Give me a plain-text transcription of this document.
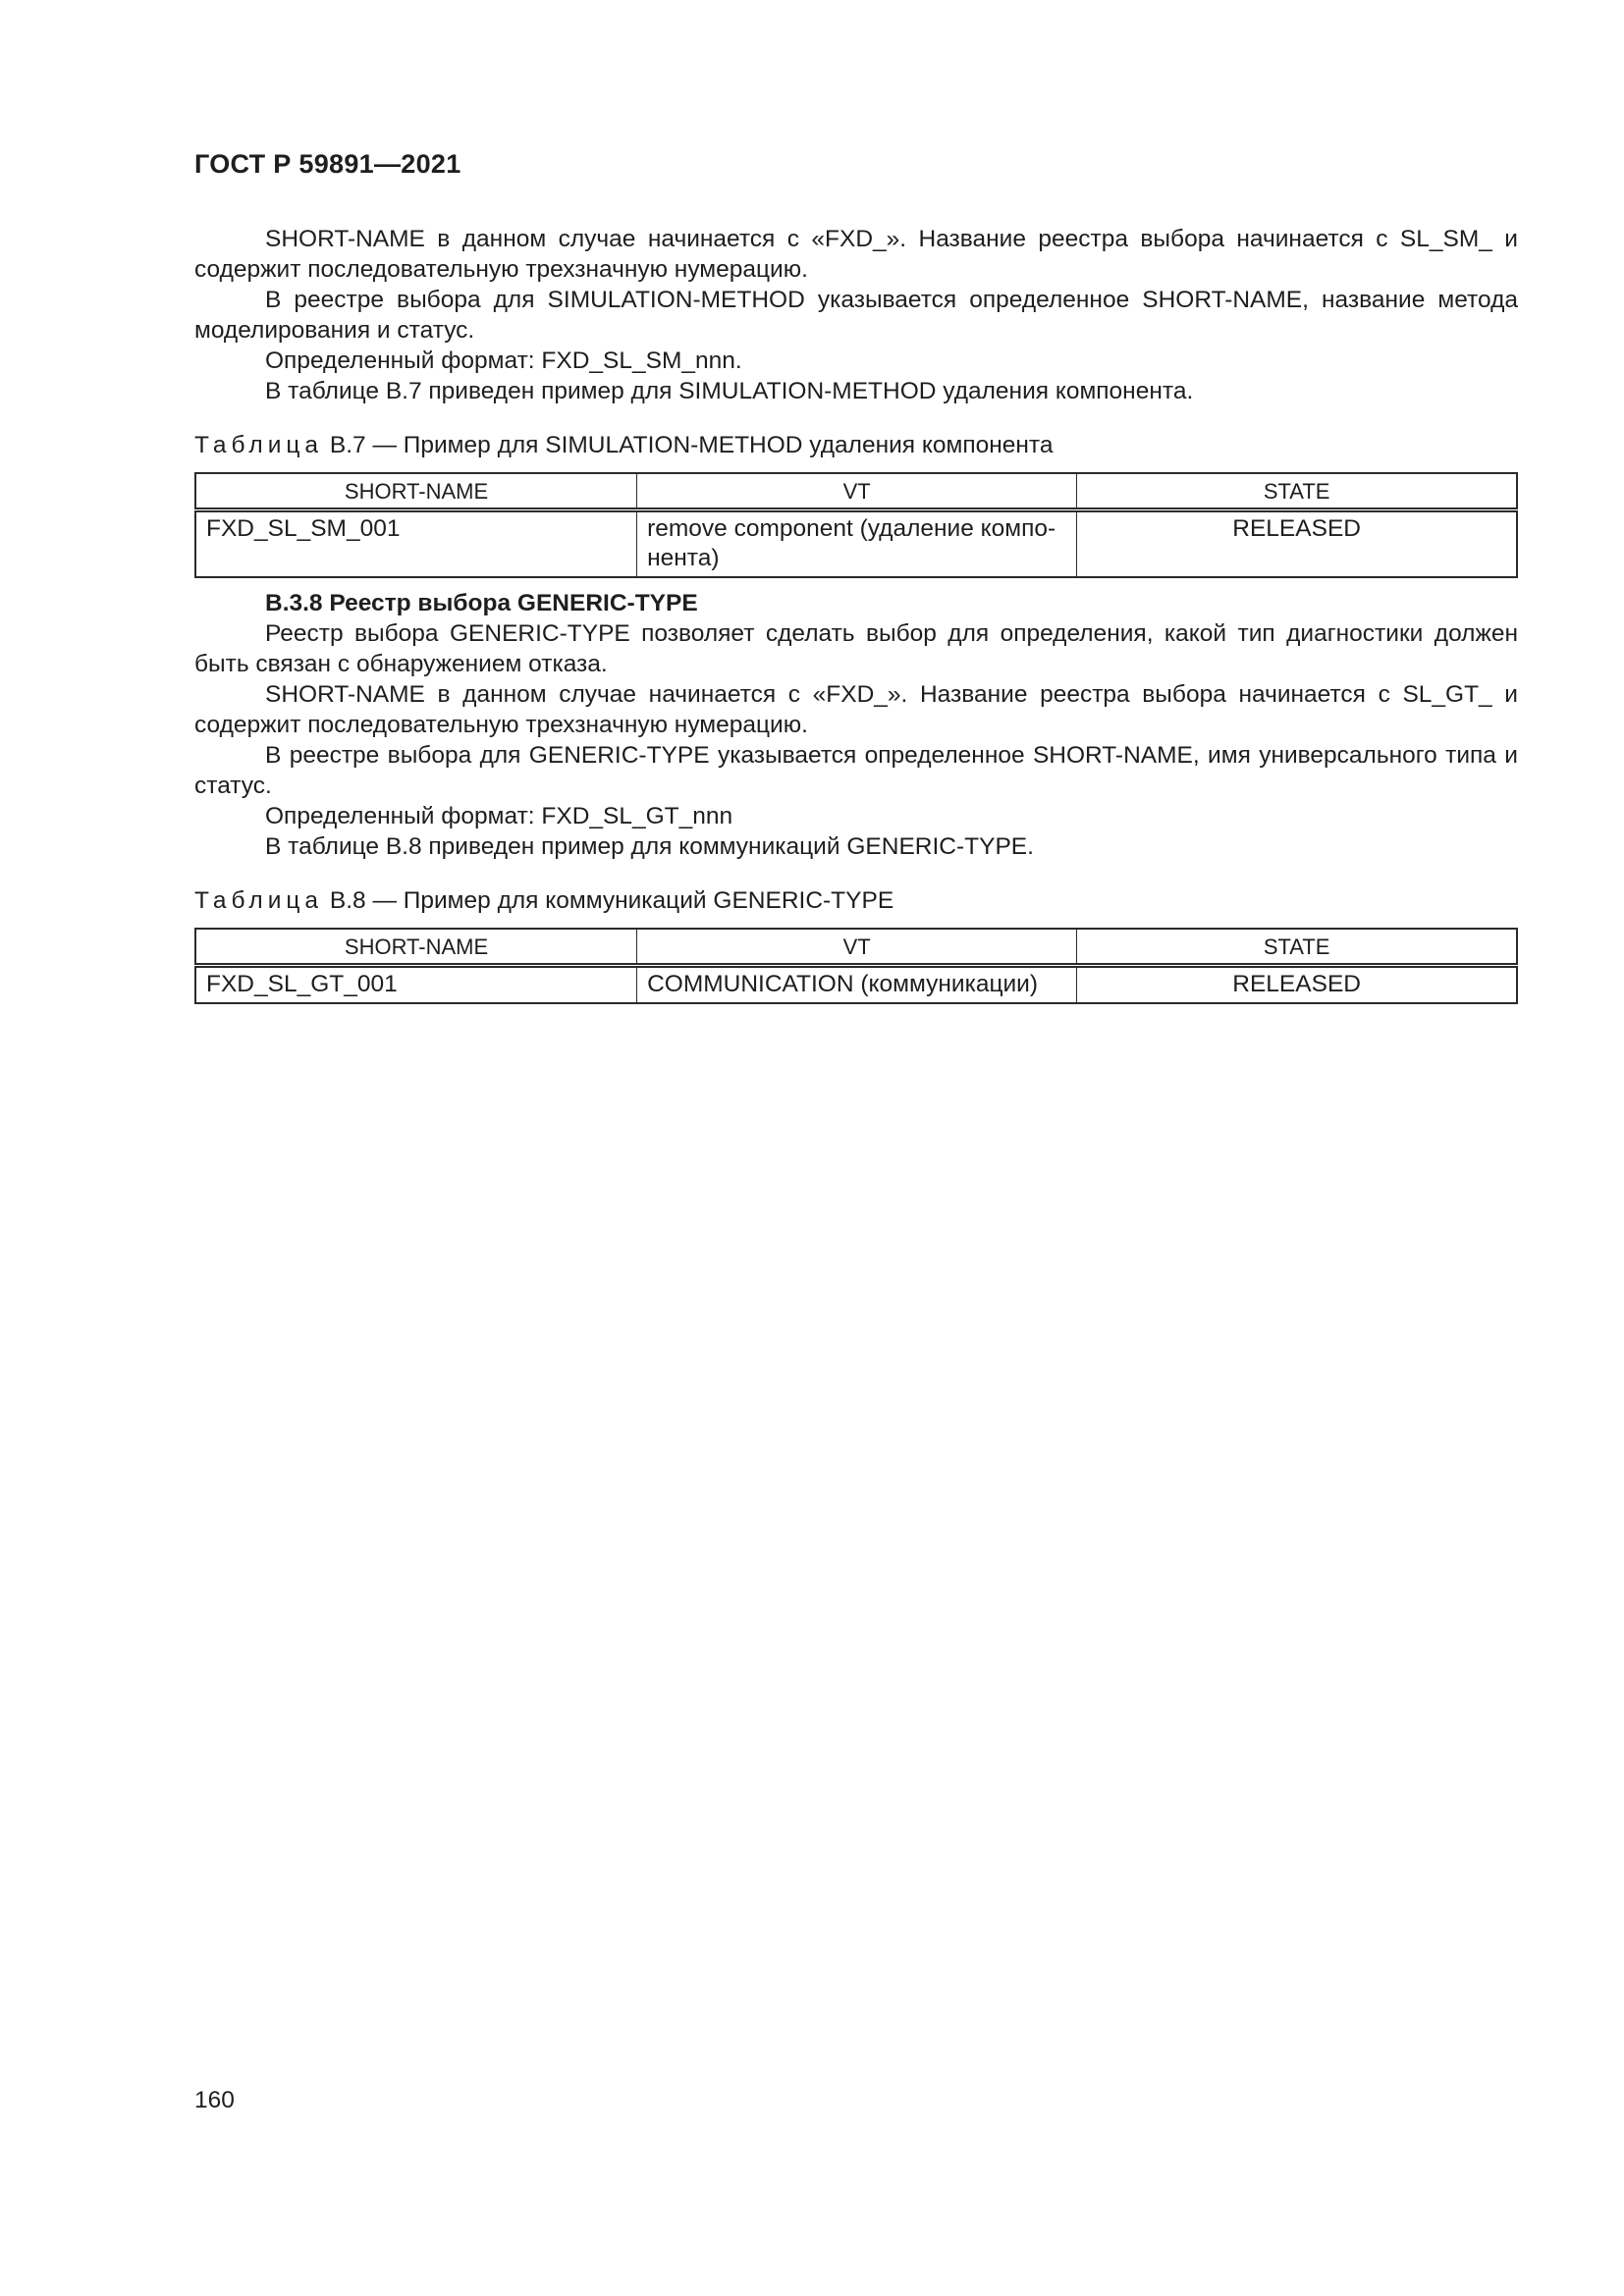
ГОСТ Р 59891—2021

SHORT-NAME в данном случае начинается с «FXD_». Название реестра выбора начинается с SL_SM_ и содержит последовательную трехзначную нумерацию.

В реестре выбора для SIMULATION-METHOD указывается определенное SHORT-NAME, название метода моделирования и статус.

Определенный формат: FXD_SL_SM_nnn.

В таблице В.7 приведен пример для SIMULATION-METHOD удаления компонента.

Таблица В.7 — Пример для SIMULATION-METHOD удаления компонента
SHORT-NAME	VT	STATE
FXD_SL_SM_001	remove component (удаление компо-нента)	RELEASED

В.3.8 Реестр выбора GENERIC-TYPE

Реестр выбора GENERIC-TYPE позволяет сделать выбор для определения, какой тип диагностики должен быть связан с обнаружением отказа.

SHORT-NAME в данном случае начинается с «FXD_». Название реестра выбора начинается с SL_GT_ и содержит последовательную трехзначную нумерацию.

В реестре выбора для GENERIC-TYPE указывается определенное SHORT-NAME, имя универсального типа и статус.

Определенный формат: FXD_SL_GT_nnn

В таблице В.8 приведен пример для коммуникаций GENERIC-TYPE.

Таблица В.8 — Пример для коммуникаций GENERIC-TYPE
SHORT-NAME	VT	STATE
FXD_SL_GT_001	COMMUNICATION (коммуникации)	RELEASED
160
